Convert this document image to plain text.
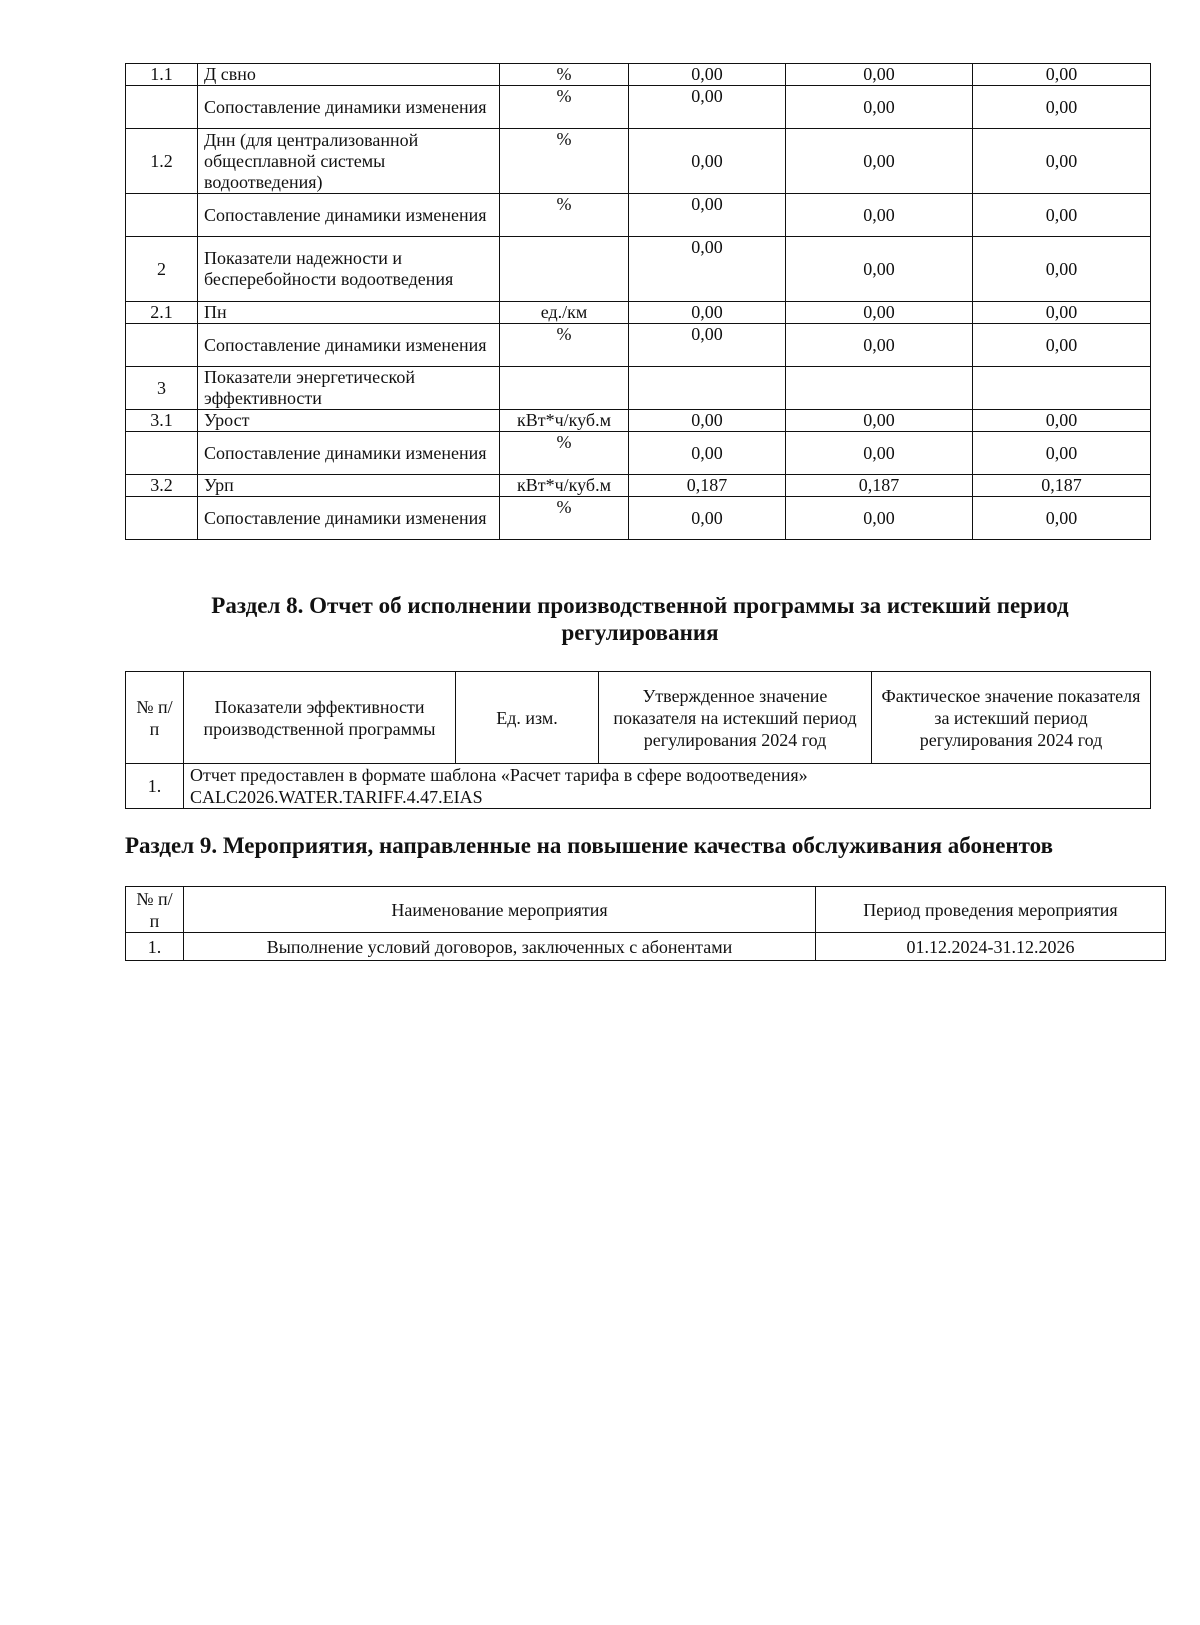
1.1	Д свно	%	0,00	0,00	0,00
	Сопоставление динамики изменения	%	0,00	0,00	0,00
1.2	Днн (для централизованной общесплавной системы водоотведения)	%	0,00	0,00	0,00
	Сопоставление динамики изменения	%	0,00	0,00	0,00
2	Показатели надежности и бесперебойности водоотведения		0,00	0,00	0,00
2.1	Пн	ед./км	0,00	0,00	0,00
	Сопоставление динамики изменения	%	0,00	0,00	0,00
3	Показатели энергетической эффективности				
3.1	Урост	кВт*ч/куб.м	0,00	0,00	0,00
	Сопоставление динамики изменения	%	0,00	0,00	0,00
3.2	Урп	кВт*ч/куб.м	0,187	0,187	0,187
	Сопоставление динамики изменения	%	0,00	0,00	0,00
Раздел 8. Отчет об исполнении производственной программы за истекший период регулирования
№ п/п	Показатели эффективности производственной программы	Ед. изм.	Утвержденное значение показателя на истекший период регулирования 2024 год	Фактическое значение показателя за истекший период регулирования 2024 год
1.	Отчет предоставлен в формате шаблона «Расчет тарифа в сфере водоотведения»
CALC2026.WATER.TARIFF.4.47.EIAS			
Раздел 9. Мероприятия, направленные на повышение качества обслуживания абонентов
№ п/п	Наименование мероприятия	Период проведения мероприятия
1.	Выполнение условий договоров, заключенных с абонентами	01.12.2024-31.12.2026
